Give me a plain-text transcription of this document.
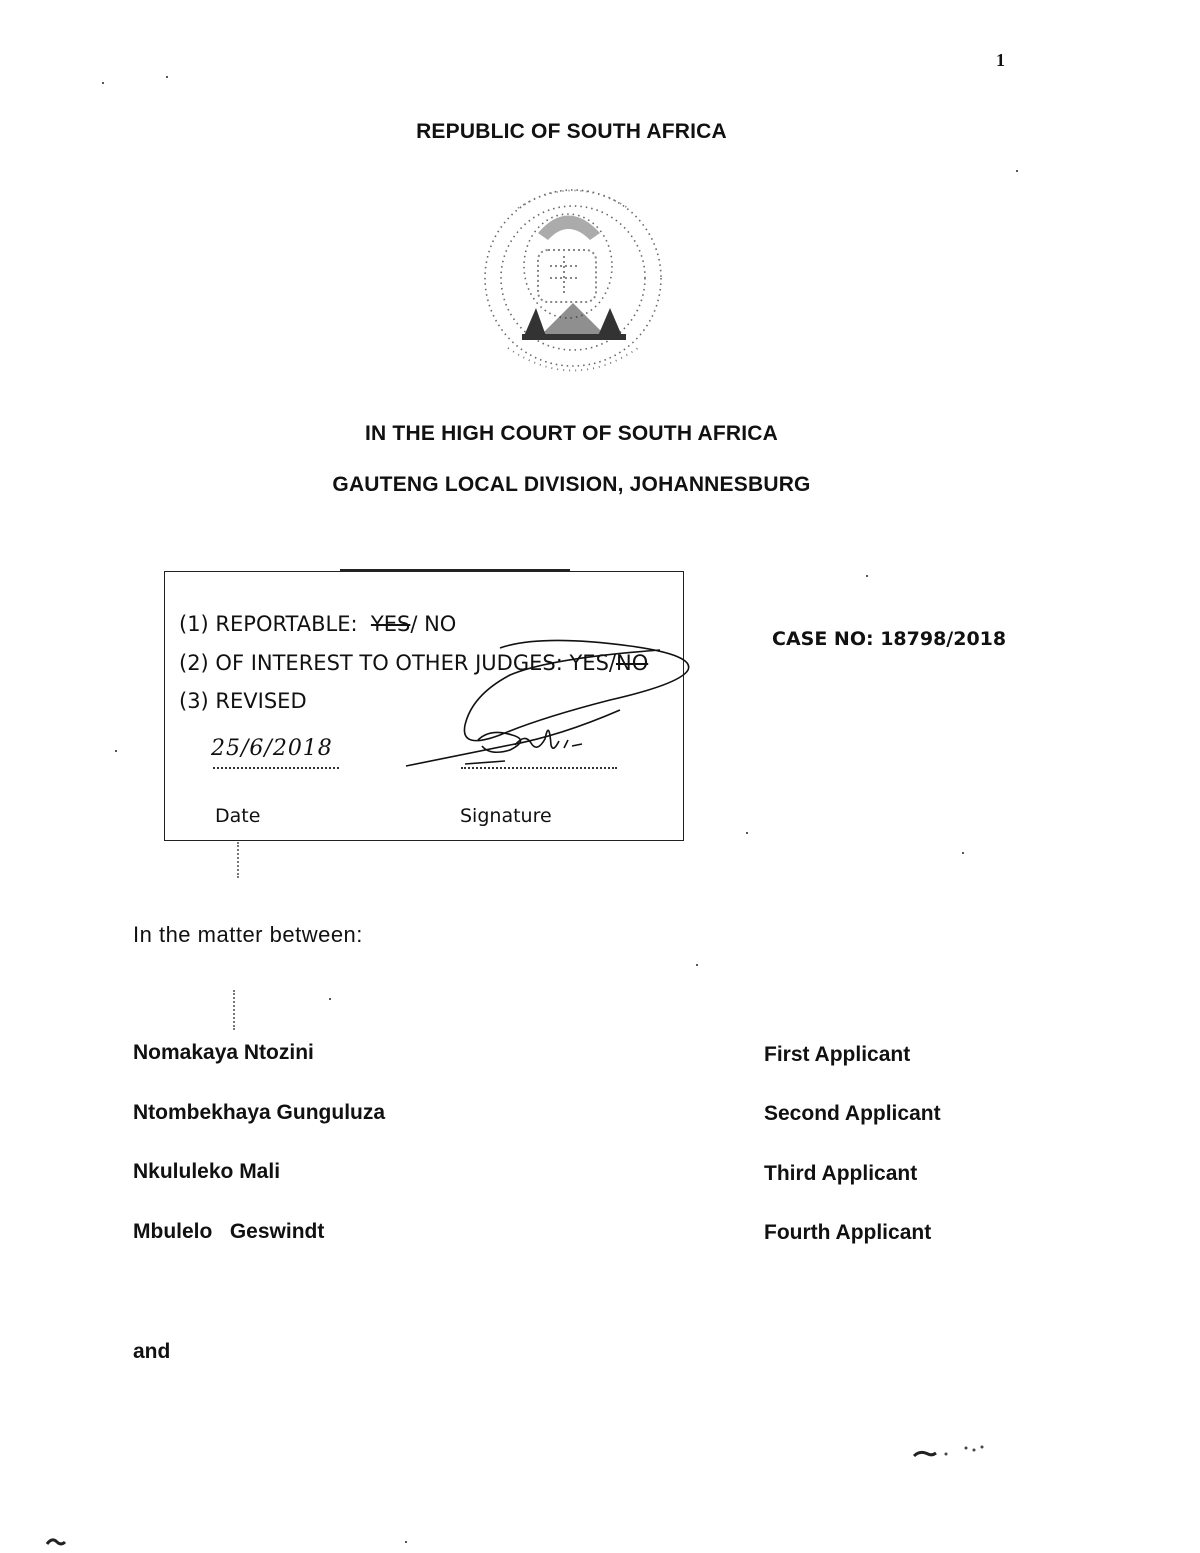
1
REPUBLIC OF SOUTH AFRICA
IN THE HIGH COURT OF SOUTH AFRICA
GAUTENG LOCAL DIVISION, JOHANNESBURG
(1) REPORTABLE:  YES/ NO
(2) OF INTEREST TO OTHER JUDGES: YES/NO
(3) REVISED
25/6/2018
Date	Signature
CASE NO: 18798/2018
In the matter between:
Nomakaya Ntozini	First Applicant
Ntombekhaya Gunguluza	Second Applicant
Nkululeko Mali	Third Applicant
Mbulelo   Geswindt	Fourth Applicant
and
